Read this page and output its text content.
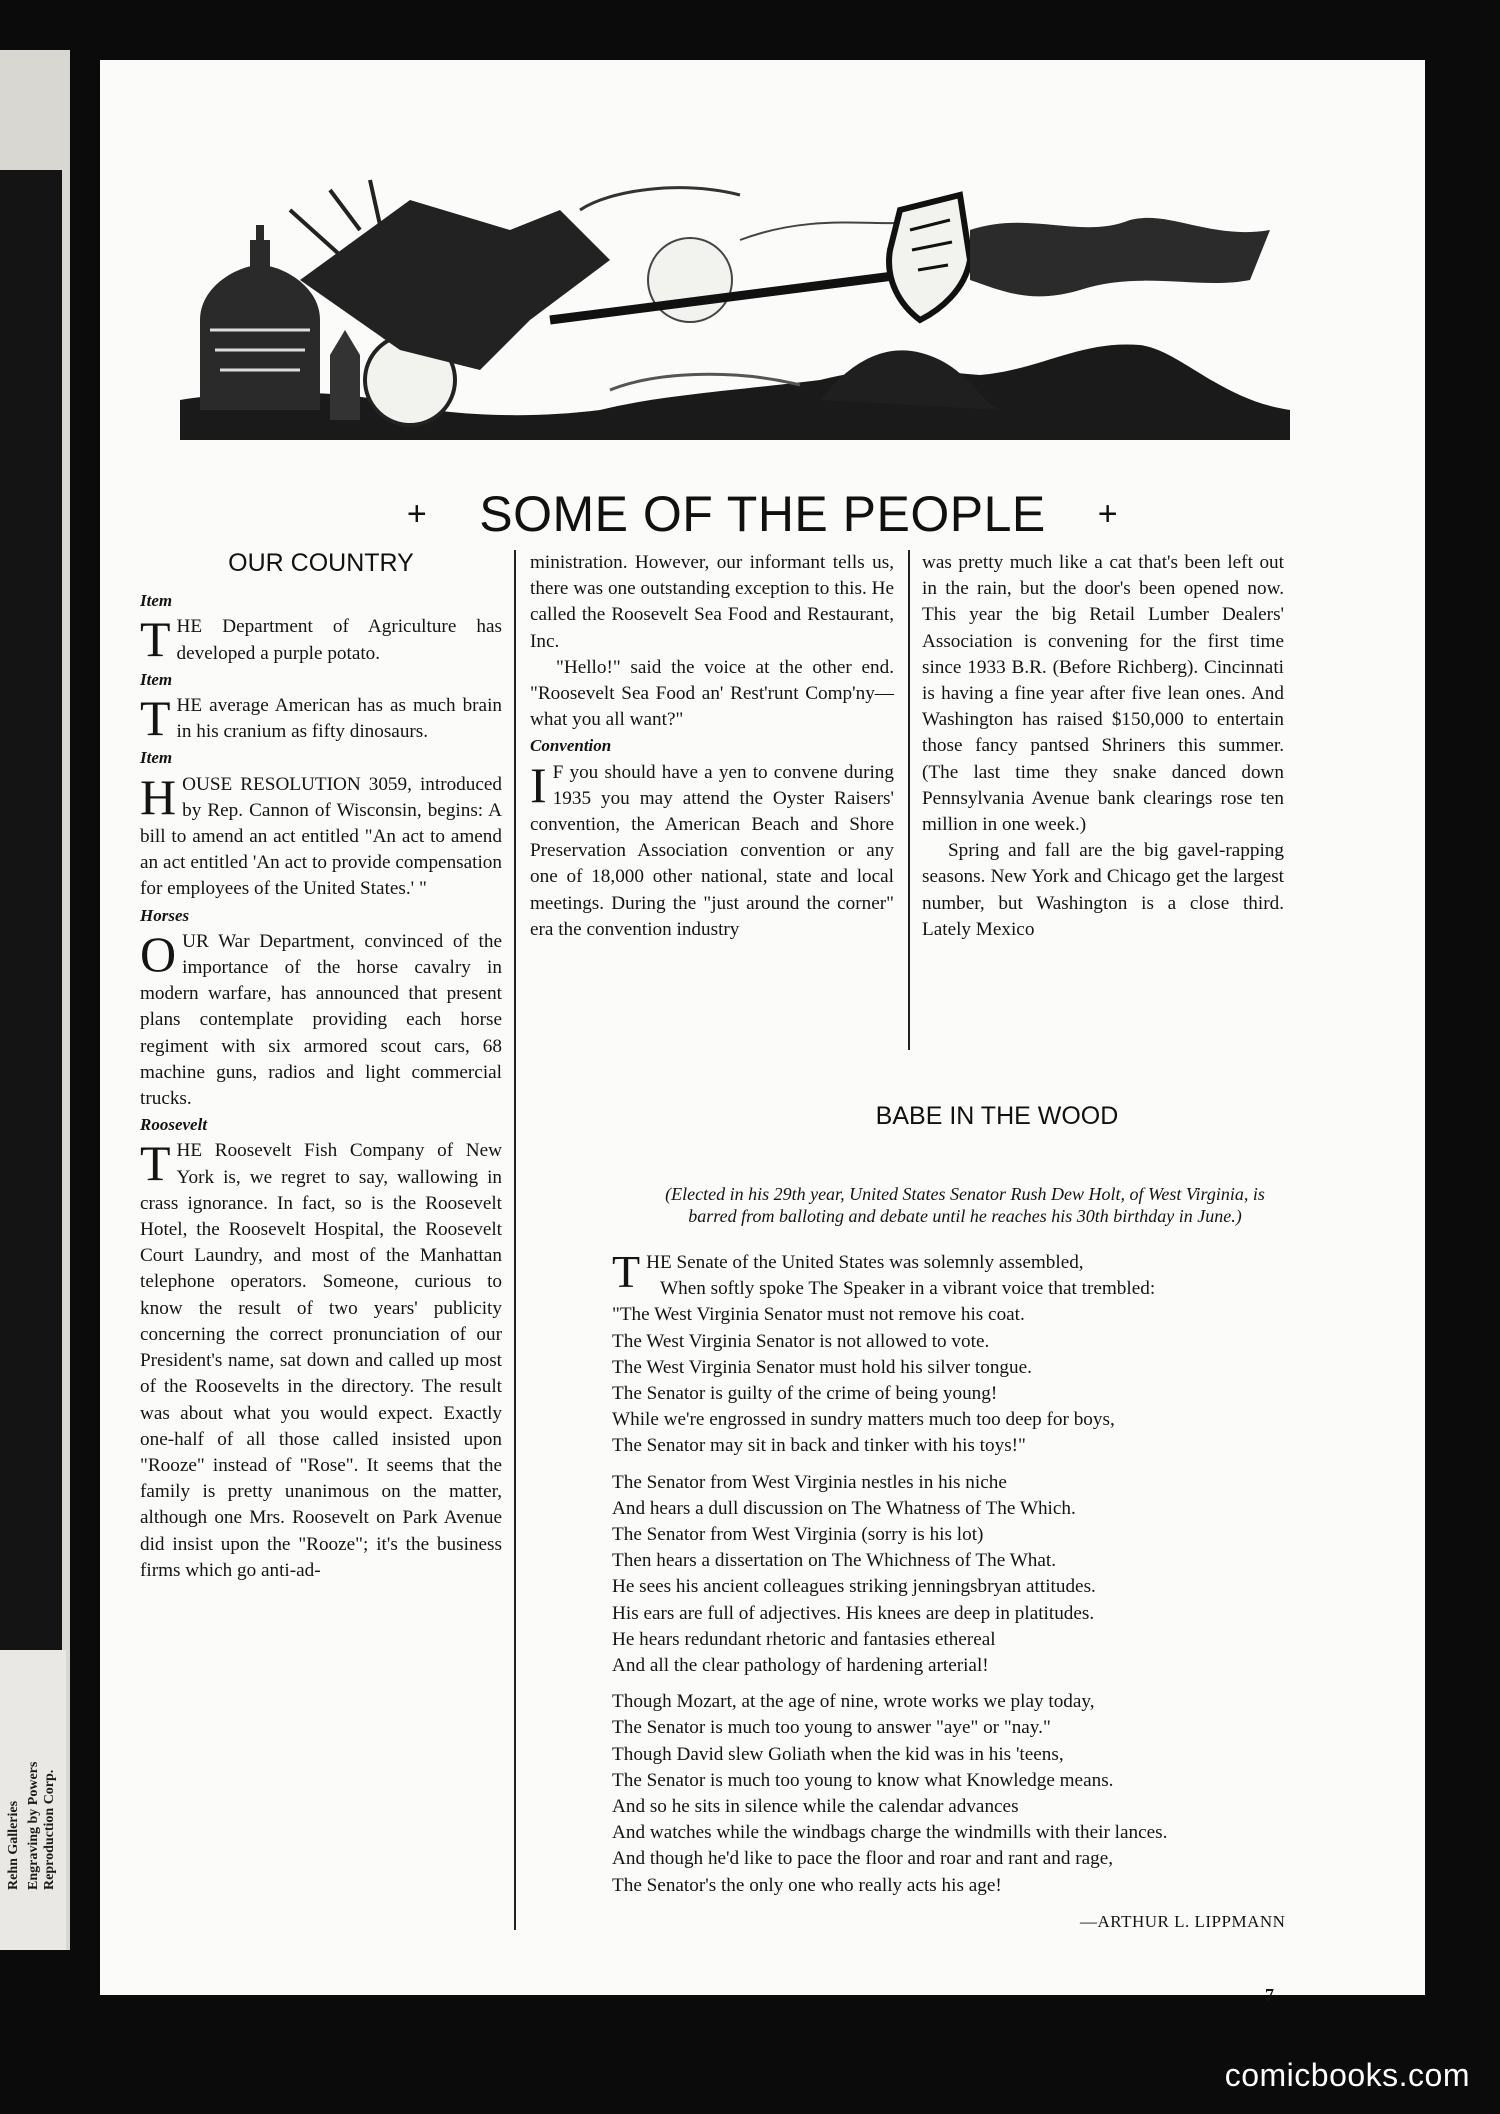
Rehn Galleries Engraving by Powers Reproduction Corp.
+ SOME OF THE PEOPLE +

OUR COUNTRY

Item

THE Department of Agriculture has developed a purple potato.

Item

THE average American has as much brain in his cranium as fifty dinosaurs.

Item

HOUSE RESOLUTION 3059, introduced by Rep. Cannon of Wisconsin, begins: A bill to amend an act entitled "An act to amend an act entitled 'An act to provide compensation for employees of the United States.' "

Horses

OUR War Department, convinced of the importance of the horse cavalry in modern warfare, has announced that present plans contemplate providing each horse regiment with six armored scout cars, 68 machine guns, radios and light commercial trucks.

Roosevelt

THE Roosevelt Fish Company of New York is, we regret to say, wallowing in crass ignorance. In fact, so is the Roosevelt Hotel, the Roosevelt Hospital, the Roosevelt Court Laundry, and most of the Manhattan telephone operators. Someone, curious to know the result of two years' publicity concerning the correct pronunciation of our President's name, sat down and called up most of the Roosevelts in the directory. The result was about what you would expect. Exactly one-half of all those called insisted upon "Rooze" instead of "Rose". It seems that the family is pretty unanimous on the matter, although one Mrs. Roosevelt on Park Avenue did insist upon the "Rooze"; it's the business firms which go anti-ad-

ministration. However, our informant tells us, there was one outstanding exception to this. He called the Roosevelt Sea Food and Restaurant, Inc.

"Hello!" said the voice at the other end. "Roosevelt Sea Food an' Rest'runt Comp'ny—what you all want?"

Convention

I F you should have a yen to convene during 1935 you may attend the Oyster Raisers' convention, the American Beach and Shore Preservation Association convention or any one of 18,000 other national, state and local meetings. During the "just around the corner" era the convention industry

was pretty much like a cat that's been left out in the rain, but the door's been opened now. This year the big Retail Lumber Dealers' Association is convening for the first time since 1933 B.R. (Before Richberg). Cincinnati is having a fine year after five lean ones. And Washington has raised $150,000 to entertain those fancy pantsed Shriners this summer. (The last time they snake danced down Pennsylvania Avenue bank clearings rose ten million in one week.)

Spring and fall are the big gavel-rapping seasons. New York and Chicago get the largest number, but Washington is a close third. Lately Mexico

BABE IN THE WOOD

(Elected in his 29th year, United States Senator Rush Dew Holt, of West Virginia, is barred from balloting and debate until he reaches his 30th birthday in June.)

THE Senate of the United States was solemnly assembled,

When softly spoke The Speaker in a vibrant voice that trembled:

"The West Virginia Senator must not remove his coat.

The West Virginia Senator is not allowed to vote.

The West Virginia Senator must hold his silver tongue.

The Senator is guilty of the crime of being young!

While we're engrossed in sundry matters much too deep for boys,

The Senator may sit in back and tinker with his toys!"

The Senator from West Virginia nestles in his niche

And hears a dull discussion on The Whatness of The Which.

The Senator from West Virginia (sorry is his lot)

Then hears a dissertation on The Whichness of The What.

He sees his ancient colleagues striking jenningsbryan attitudes.

His ears are full of adjectives. His knees are deep in platitudes.

He hears redundant rhetoric and fantasies ethereal

And all the clear pathology of hardening arterial!

Though Mozart, at the age of nine, wrote works we play today,

The Senator is much too young to answer "aye" or "nay."

Though David slew Goliath when the kid was in his 'teens,

The Senator is much too young to know what Knowledge means.

And so he sits in silence while the calendar advances

And watches while the windbags charge the windmills with their lances.

And though he'd like to pace the floor and roar and rant and rage,

The Senator's the only one who really acts his age!

—ARTHUR L. LIPPMANN
7
comicbooks.com
